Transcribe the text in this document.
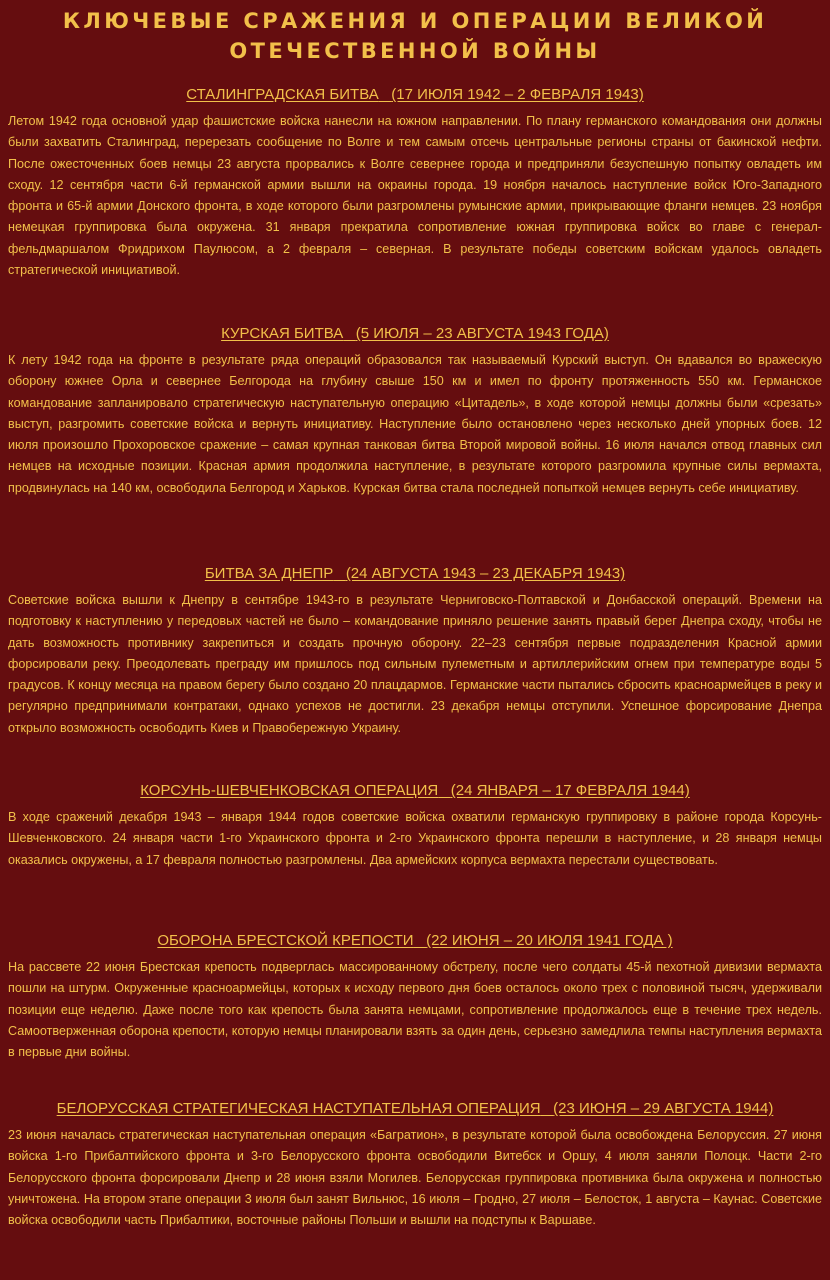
КЛЮЧЕВЫЕ СРАЖЕНИЯ И ОПЕРАЦИИ ВЕЛИКОЙ
ОТЕЧЕСТВЕННОЙ ВОЙНЫ
СТАЛИНГРАДСКАЯ БИТВА (17 ИЮЛЯ 1942 – 2 ФЕВРАЛЯ 1943)

Летом 1942 года основной удар фашистские войска нанесли на южном направлении. По плану германского командования они должны были захватить Сталинград, перерезать сообщение по Волге и тем самым отсечь центральные регионы страны от бакинской нефти. После ожесточенных боев немцы 23 августа прорвались к Волге севернее города и предприняли безуспешную попытку овладеть им сходу. 12 сентября части 6-й германской армии вышли на окраины города. 19 ноября началось наступление войск Юго-Западного фронта и 65-й армии Донского фронта, в ходе которого были разгромлены румынские армии, прикрывающие фланги немцев. 23 ноября немецкая группировка была окружена. 31 января прекратила сопротивление южная группировка войск во главе с генерал-фельдмаршалом Фридрихом Паулюсом, а 2 февраля – северная. В результате победы советским войскам удалось овладеть стратегической инициативой.

КУРСКАЯ БИТВА (5 ИЮЛЯ – 23 АВГУСТА 1943 ГОДА)

К лету 1942 года на фронте в результате ряда операций образовался так называемый Курский выступ. Он вдавался во вражескую оборону южнее Орла и севернее Белгорода на глубину свыше 150 км и имел по фронту протяженность 550 км. Германское командование запланировало стратегическую наступательную операцию «Цитадель», в ходе которой немцы должны были «срезать» выступ, разгромить советские войска и вернуть инициативу. Наступление было остановлено через несколько дней упорных боев. 12 июля произошло Прохоровское сражение – самая крупная танковая битва Второй мировой войны. 16 июля начался отвод главных сил немцев на исходные позиции. Красная армия продолжила наступление, в результате которого разгромила крупные силы вермахта, продвинулась на 140 км, освободила Белгород и Харьков. Курская битва стала последней попыткой немцев вернуть себе инициативу.

БИТВА ЗА ДНЕПР (24 АВГУСТА 1943 – 23 ДЕКАБРЯ 1943)

Советские войска вышли к Днепру в сентябре 1943-го в результате Черниговско-Полтавской и Донбасской операций. Времени на подготовку к наступлению у передовых частей не было – командование приняло решение занять правый берег Днепра сходу, чтобы не дать возможность противнику закрепиться и создать прочную оборону. 22–23 сентября первые подразделения Красной армии форсировали реку. Преодолевать преграду им пришлось под сильным пулеметным и артиллерийским огнем при температуре воды 5 градусов. К концу месяца на правом берегу было создано 20 плацдармов. Германские части пытались сбросить красноармейцев в реку и регулярно предпринимали контратаки, однако успехов не достигли. 23 декабря немцы отступили. Успешное форсирование Днепра открыло возможность освободить Киев и Правобережную Украину.

КОРСУНЬ-ШЕВЧЕНКОВСКАЯ ОПЕРАЦИЯ (24 ЯНВАРЯ – 17 ФЕВРАЛЯ 1944)

В ходе сражений декабря 1943 – января 1944 годов советские войска охватили германскую группировку в районе города Корсунь-Шевченковского. 24 января части 1-го Украинского фронта и 2-го Украинского фронта перешли в наступление, и 28 января немцы оказались окружены, а 17 февраля полностью разгромлены. Два армейских корпуса вермахта перестали существовать.

ОБОРОНА БРЕСТСКОЙ КРЕПОСТИ (22 ИЮНЯ – 20 ИЮЛЯ 1941 ГОДА )

На рассвете 22 июня Брестская крепость подверглась массированному обстрелу, после чего солдаты 45-й пехотной дивизии вермахта пошли на штурм. Окруженные красноармейцы, которых к исходу первого дня боев осталось около трех с половиной тысяч, удерживали позиции еще неделю. Даже после того как крепость была занята немцами, сопротивление продолжалось еще в течение трех недель. Самоотверженная оборона крепости, которую немцы планировали взять за один день, серьезно замедлила темпы наступления вермахта в первые дни войны.

БЕЛОРУССКАЯ СТРАТЕГИЧЕСКАЯ НАСТУПАТЕЛЬНАЯ ОПЕРАЦИЯ (23 ИЮНЯ – 29 АВГУСТА 1944)

23 июня началась стратегическая наступательная операция «Багратион», в результате которой была освобождена Белоруссия. 27 июня войска 1-го Прибалтийского фронта и 3-го Белорусского фронта освободили Витебск и Оршу, 4 июля заняли Полоцк. Части 2-го Белорусского фронта форсировали Днепр и 28 июня взяли Могилев. Белорусская группировка противника была окружена и полностью уничтожена. На втором этапе операции 3 июля был занят Вильнюс, 16 июля – Гродно, 27 июля – Белосток, 1 августа – Каунас. Советские войска освободили часть Прибалтики, восточные районы Польши и вышли на подступы к Варшаве.
